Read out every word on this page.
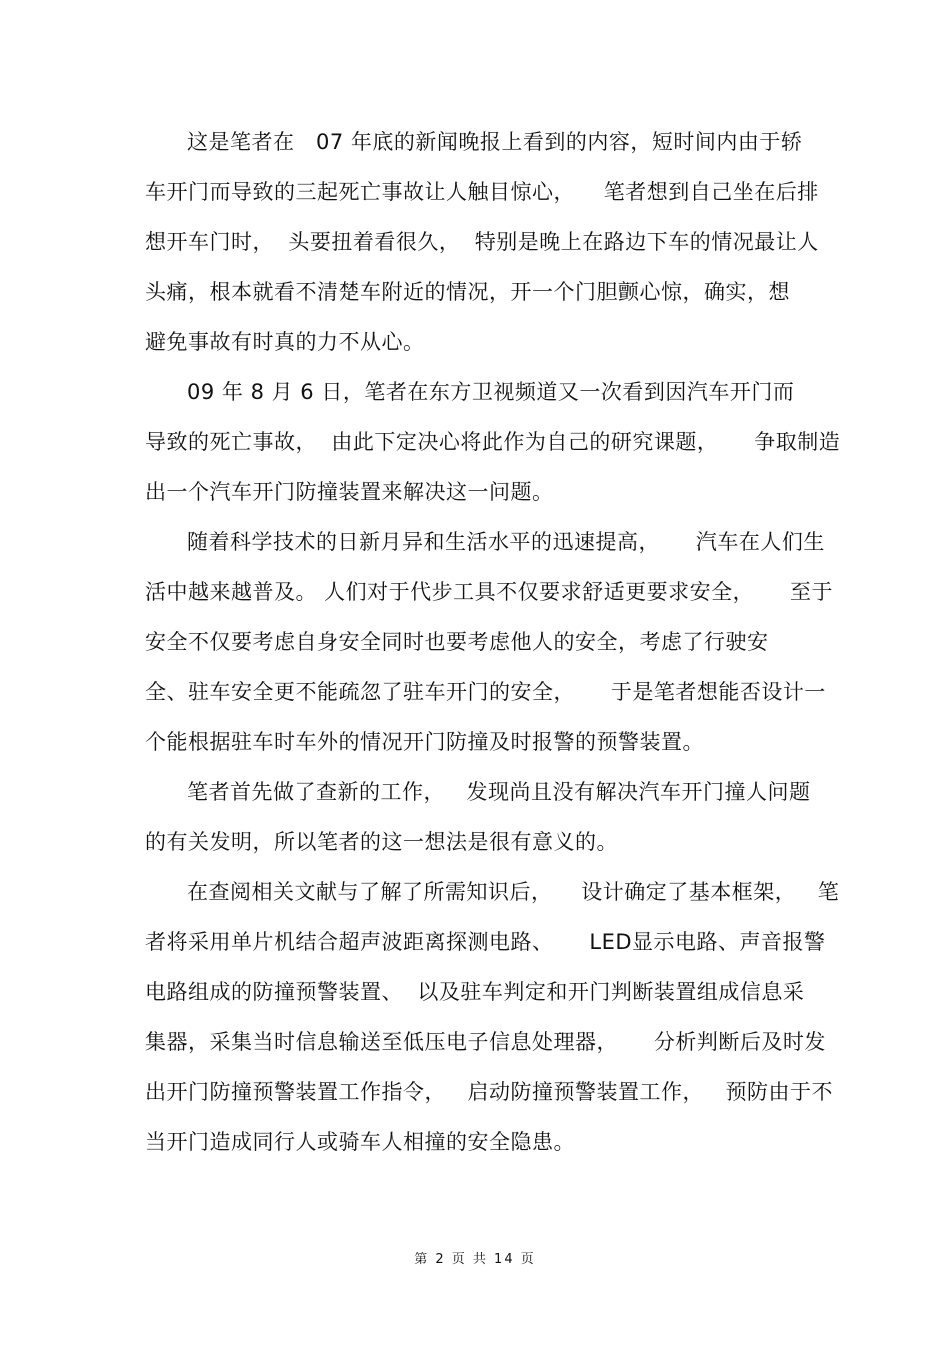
这是笔者在   07 年底的新闻晚报上看到的内容，短时间内由于轿
车开门而导致的三起死亡事故让人触目惊心，    笔者想到自己坐在后排
想开车门时，  头要扭着看很久，  特别是晚上在路边下车的情况最让人
头痛，根本就看不清楚车附近的情况，开一个门胆颤心惊，确实，想
避免事故有时真的力不从心。
09 年 8 月 6 日，笔者在东方卫视频道又一次看到因汽车开门而
导致的死亡事故，  由此下定决心将此作为自己的研究课题，     争取制造
出一个汽车开门防撞装置来解决这一问题。
随着科学技术的日新月异和生活水平的迅速提高，     汽车在人们生
活中越来越普及。 人们对于代步工具不仅要求舒适更要求安全，     至于
安全不仅要考虑自身安全同时也要考虑他人的安全，考虑了行驶安
全、驻车安全更不能疏忽了驻车开门的安全，     于是笔者想能否设计一
个能根据驻车时车外的情况开门防撞及时报警的预警装置。
笔者首先做了查新的工作，   发现尚且没有解决汽车开门撞人问题
的有关发明，所以笔者的这一想法是很有意义的。
在查阅相关文献与了解了所需知识后，    设计确定了基本框架，   笔
者将采用单片机结合超声波距离探测电路、     LED显示电路、声音报警
电路组成的防撞预警装置、  以及驻车判定和开门判断装置组成信息采
集器，采集当时信息输送至低压电子信息处理器，     分析判断后及时发
出开门防撞预警装置工作指令，   启动防撞预警装置工作，   预防由于不
当开门造成同行人或骑车人相撞的安全隐患。
第 2 页 共 14 页
